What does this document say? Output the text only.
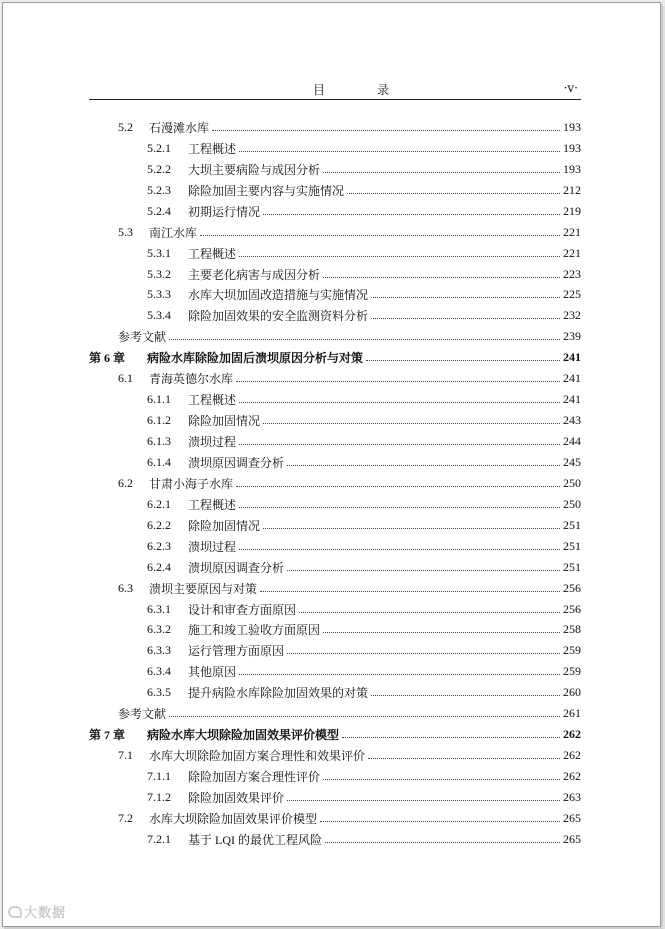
目　录	·v·
5.2	石漫滩水库	193
5.2.1	工程概述	193
5.2.2	大坝主要病险与成因分析	193
5.2.3	除险加固主要内容与实施情况	212
5.2.4	初期运行情况	219
5.3	南江水库	221
5.3.1	工程概述	221
5.3.2	主要老化病害与成因分析	223
5.3.3	水库大坝加固改造措施与实施情况	225
5.3.4	除险加固效果的安全监测资料分析	232
参考文献	239
第 6 章	病险水库除险加固后溃坝原因分析与对策	241
6.1	青海英德尔水库	241
6.1.1	工程概述	241
6.1.2	除险加固情况	243
6.1.3	溃坝过程	244
6.1.4	溃坝原因调查分析	245
6.2	甘肃小海子水库	250
6.2.1	工程概述	250
6.2.2	除险加固情况	251
6.2.3	溃坝过程	251
6.2.4	溃坝原因调查分析	251
6.3	溃坝主要原因与对策	256
6.3.1	设计和审查方面原因	256
6.3.2	施工和竣工验收方面原因	258
6.3.3	运行管理方面原因	259
6.3.4	其他原因	259
6.3.5	提升病险水库除险加固效果的对策	260
参考文献	261
第 7 章	病险水库大坝除险加固效果评价模型	262
7.1	水库大坝除险加固方案合理性和效果评价	262
7.1.1	除险加固方案合理性评价	262
7.1.2	除险加固效果评价	263
7.2	水库大坝除险加固效果评价模型	265
7.2.1	基于 LQI 的最优工程风险	265
大数据
